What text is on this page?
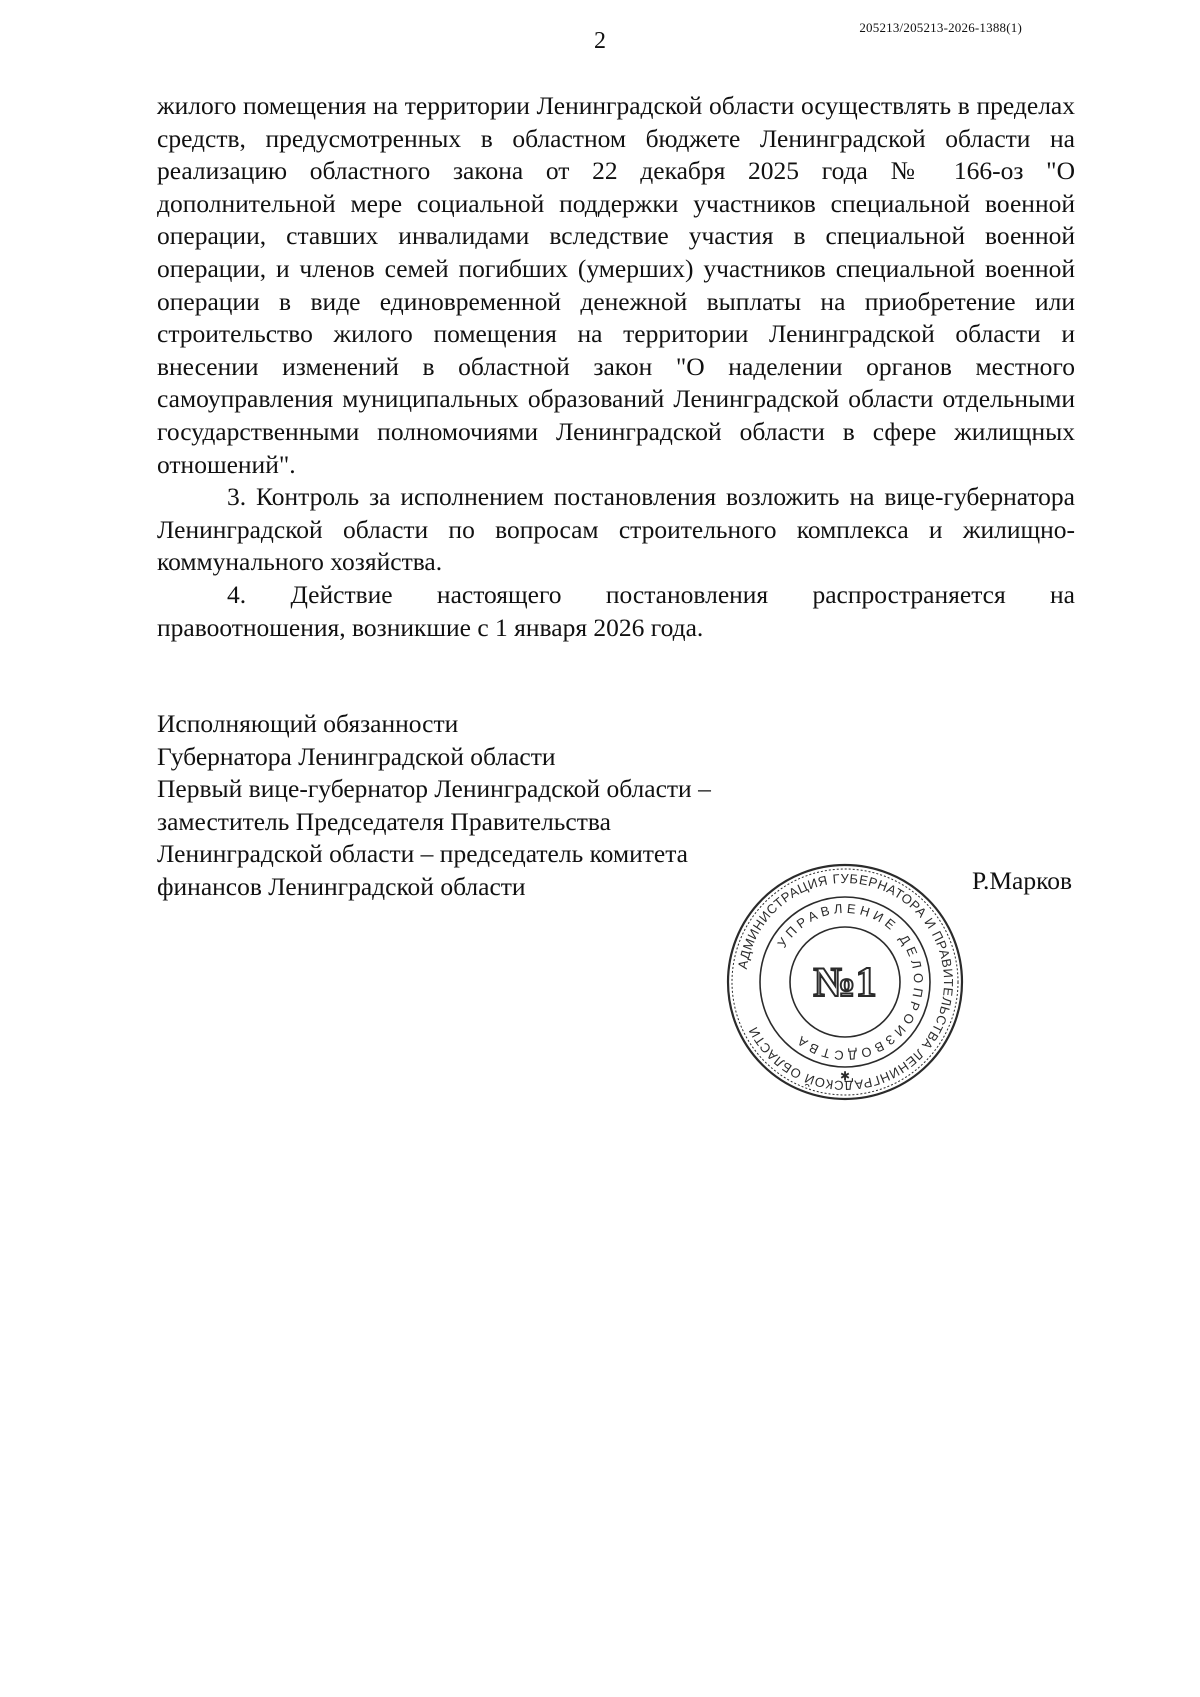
205213/205213-2026-1388(1)
2

жилого помещения на территории Ленинградской области осуществлять в пределах средств, предусмотренных в областном бюджете Ленинградской области на реализацию областного закона от 22 декабря 2025 года № 166-оз "О дополнительной мере социальной поддержки участников специальной военной операции, ставших инвалидами вследствие участия в специальной военной операции, и членов семей погибших (умерших) участников специальной военной операции в виде единовременной денежной выплаты на приобретение или строительство жилого помещения на территории Ленинградской области и внесении изменений в областной закон "О наделении органов местного самоуправления муниципальных образований Ленинградской области отдельными государственными полномочиями Ленинградской области в сфере жилищных отношений".

3. Контроль за исполнением постановления возложить на вице-губернатора Ленинградской области по вопросам строительного комплекса и жилищно-коммунального хозяйства.

4. Действие настоящего постановления распространяется на правоотношения, возникшие с 1 января 2026 года.

Исполняющий обязанности
Губернатора Ленинградской области
Первый вице-губернатор Ленинградской области –
заместитель Председателя Правительства
Ленинградской области – председатель комитета
финансов Ленинградской области	Р.Марков
АДМИНИСТРАЦИЯ ГУБЕРНАТОРА И ПРАВИТЕЛЬСТВА ЛЕНИНГРАДСКОЙ ОБЛАСТИ
УПРАВЛЕНИЕ ДЕЛОПРОИЗВОДСТВА
№1
✱
